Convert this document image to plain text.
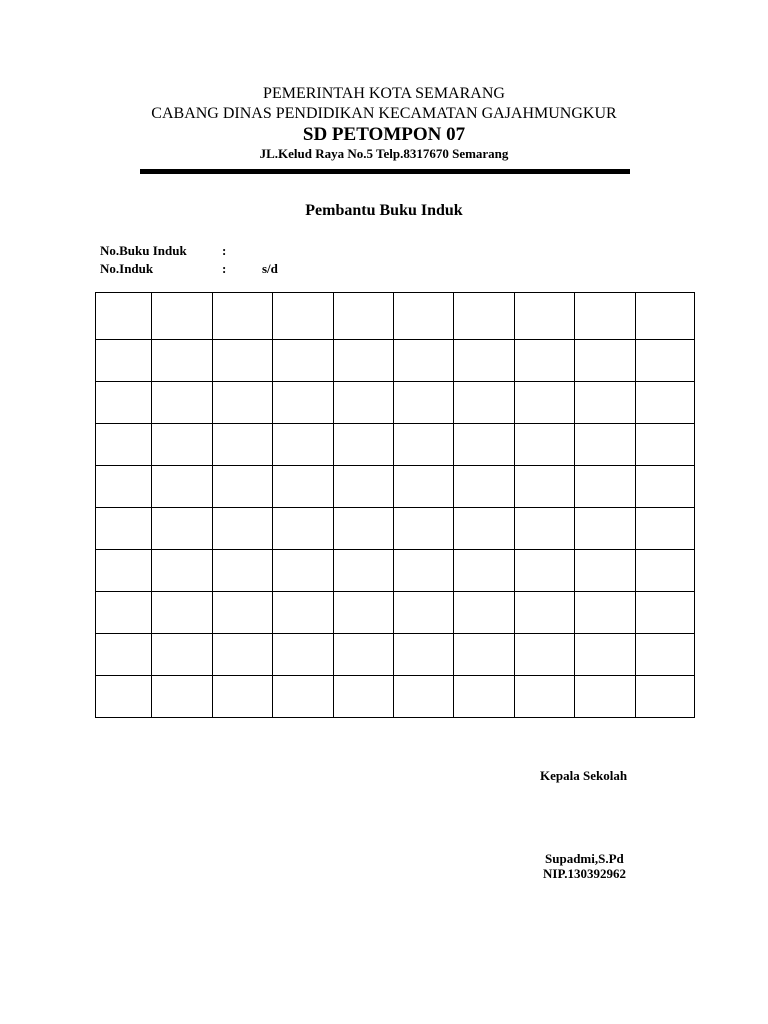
PEMERINTAH KOTA SEMARANG
CABANG DINAS PENDIDIKAN KECAMATAN GAJAHMUNGKUR
SD PETOMPON 07
JL.Kelud Raya No.5 Telp.8317670 Semarang
Pembantu Buku Induk
No.Buku Induk	:
No.Induk	:	s/d

Kepala Sekolah
Supadmi,S.Pd
NIP.130392962
